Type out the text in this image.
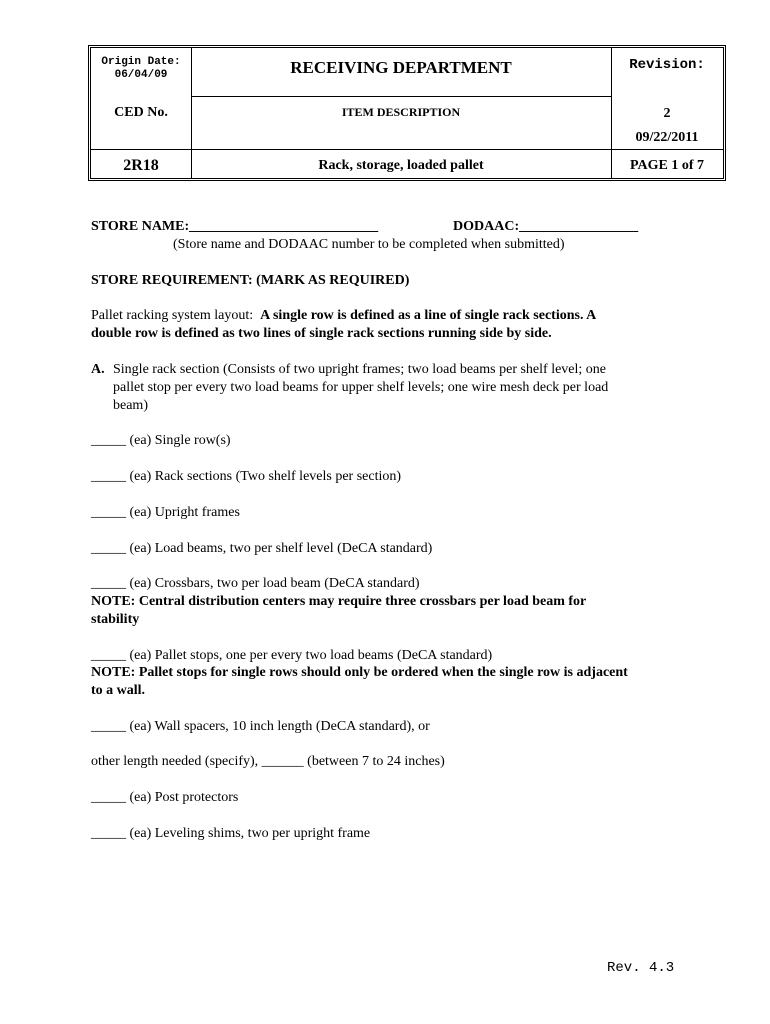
Origin Date:
06/04/09	RECEIVING DEPARTMENT	Revision:
CED No.	ITEM DESCRIPTION	2
09/22/2011
2R18	Rack, storage, loaded pallet	PAGE 1 of 7
STORE NAME:___________________________	DODAAC:_________________
(Store name and DODAAC number to be completed when submitted)
STORE REQUIREMENT: (MARK AS REQUIRED)
Pallet racking system layout: A single row is defined as a line of single rack sections. A
double row is defined as two lines of single rack sections running side by side.
A. Single rack section (Consists of two upright frames; two load beams per shelf level; one
pallet stop per every two load beams for upper shelf levels; one wire mesh deck per load
beam)
_____ (ea) Single row(s)
_____ (ea) Rack sections (Two shelf levels per section)
_____ (ea) Upright frames
_____ (ea) Load beams, two per shelf level (DeCA standard)
_____ (ea) Crossbars, two per load beam (DeCA standard)
NOTE: Central distribution centers may require three crossbars per load beam for
stability
_____ (ea) Pallet stops, one per every two load beams (DeCA standard)
NOTE: Pallet stops for single rows should only be ordered when the single row is adjacent
to a wall.
_____ (ea) Wall spacers, 10 inch length (DeCA standard), or
other length needed (specify), ______ (between 7 to 24 inches)
_____ (ea) Post protectors
_____ (ea) Leveling shims, two per upright frame
Rev. 4.3
